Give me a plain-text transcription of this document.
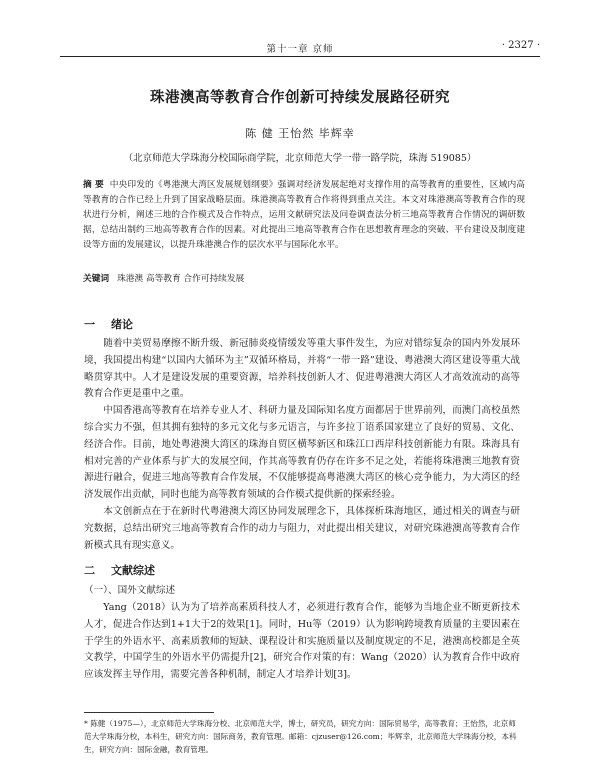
第十一章 京师	· 2327 ·
珠港澳高等教育合作创新可持续发展路径研究
陈 健 王怡然 毕辉幸
（北京师范大学珠海分校国际商学院，北京师范大学一带一路学院，珠海 519085）
摘 要 中央印发的《粤港澳大湾区发展规划纲要》强调对经济发展起绝对支撑作用的高等教育的重要性，区域内高等教育的合作已经上升到了国家战略层面。珠港澳高等教育合作将得到重点关注。本文对珠港澳高等教育合作的现状进行分析，阐述三地的合作模式及合作特点，运用文献研究法及问卷调查法分析三地高等教育合作情况的调研数据，总结出制约三地高等教育合作的因素。对此提出三地高等教育合作在思想教育理念的突破、平台建设及制度建设等方面的发展建议，以提升珠港澳合作的层次水平与国际化水平。
关键词 珠港澳 高等教育 合作可持续发展
一 绪论

随着中美贸易摩擦不断升级、新冠肺炎疫情缓发等重大事件发生，为应对错综复杂的国内外发展环境，我国提出构建“以国内大循环为主”双循环格局，并将“一带一路”建设、粤港澳大湾区建设等重大战略贯穿其中。人才是建设发展的重要资源，培养科技创新人才、促进粤港澳大湾区人才高效流动的高等教育合作更是重中之重。

中国香港高等教育在培养专业人才、科研力量及国际知名度方面都居于世界前列，而澳门高校虽然综合实力不强，但其拥有独特的多元文化与多元语言，与许多拉丁语系国家建立了良好的贸易、文化、经济合作。目前，地处粤港澳大湾区的珠海自贸区横琴新区和珠江口西岸科技创新能力有限。珠海具有相对完善的产业体系与扩大的发展空间，作其高等教育仍存在许多不足之处，若能将珠港澳三地教育资源进行融合，促进三地高等教育合作发展，不仅能够提高粤港澳大湾区的核心竞争能力，为大湾区的经济发展作出贡献，同时也能为高等教育领域的合作模式提供新的探索经验。

本文创新点在于在新时代粤港澳大湾区协同发展理念下，具体探析珠海地区，通过相关的调查与研究数据，总结出研究三地高等教育合作的动力与阻力，对此提出相关建议，对研究珠港澳高等教育合作新模式具有现实意义。

二 文献综述
（一）、国外文献综述

Yang（2018）认为为了培养高素质科技人才，必须进行教育合作，能够为当地企业不断更新技术人才，促进合作达到1+1大于2的效果[1]。同时，Hu等（2019）认为影响跨境教育质量的主要因素在于学生的外语水平、高素质教师的短缺、课程设计和实施质量以及制度规定的不足，港澳高校都是全英文教学，中国学生的外语水平仍需提升[2]，研究合作对策的有：Wang（2020）认为教育合作中政府应该发挥主导作用，需要完善各种机制，制定人才培养计划[3]。

* 陈健（1975—），北京师范大学珠海分校、北京师范大学，博士，研究员，研究方向：国际贸易学，高等教育；王怡然，北京师范大学珠海分校，本科生，研究方向：国际商务，教育管理。邮箱：cjzuser@126.com；毕辉幸，北京师范大学珠海分校，本科生，研究方向：国际金融，教育管理。
